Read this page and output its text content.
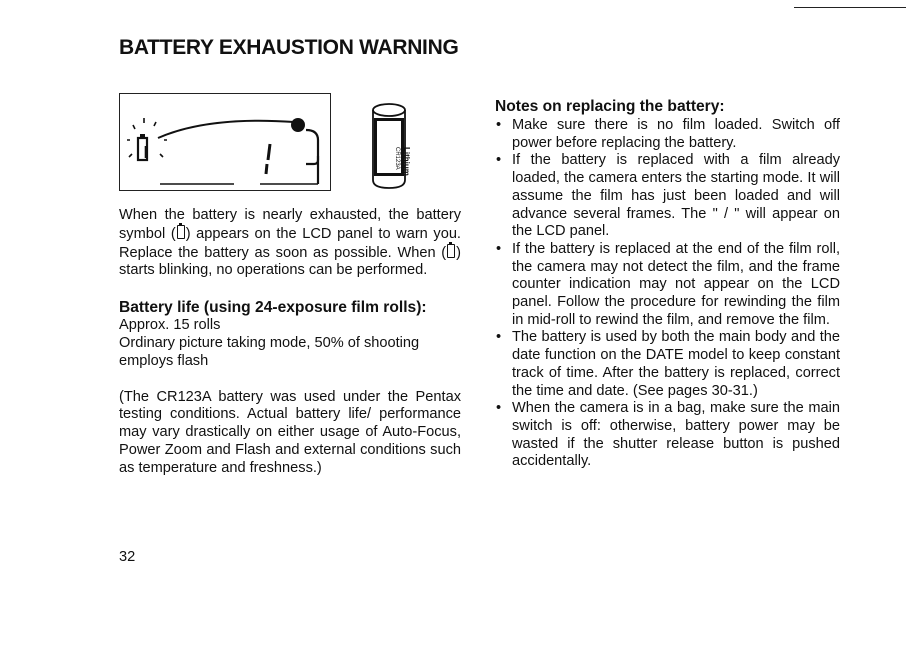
BATTERY EXHAUSTION WARNING
Lithium
CR123A

When the battery is nearly exhausted, the battery symbol ( ) appears on the LCD panel to warn you. Replace the battery as soon as possible. When ( ) starts blinking, no operations can be performed.

Battery life (using 24-exposure film rolls):

Approx. 15 rolls
Ordinary picture taking mode, 50% of shooting employs flash

(The CR123A battery was used under the Pentax testing conditions. Actual battery life/ performance may vary drastically on either usage of Auto-Focus, Power Zoom and Flash and external conditions such as temperature and freshness.)

Notes on replacing the battery:

• Make sure there is no film loaded. Switch off power before replacing the battery.
• If the battery is replaced with a film already loaded, the camera enters the starting mode. It will assume the film has just been loaded and will advance several frames. The " / " will appear on the LCD panel.
• If the battery is replaced at the end of the film roll, the camera may not detect the film, and the frame counter indication may not appear on the LCD panel. Follow the procedure for rewinding the film in mid-roll to rewind the film, and remove the film.
• The battery is used by both the main body and the date function on the DATE model to keep constant track of time. After the battery is replaced, correct the time and date. (See pages 30-31.)
• When the camera is in a bag, make sure the main switch is off: otherwise, battery power may be wasted if the shutter release button is pushed accidentally.
32
